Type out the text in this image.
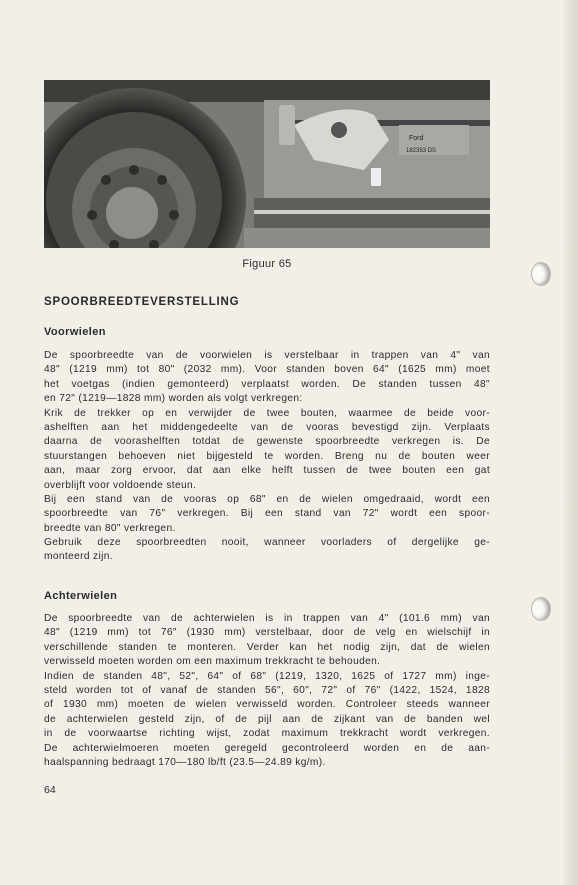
Ford
182353 DS
Figuur 65
SPOORBREEDTEVERSTELLING
Voorwielen
De spoorbreedte van de voorwielen is verstelbaar in trappen van 4" van
48" (1219 mm) tot 80" (2032 mm). Voor standen boven 64" (1625 mm) moet
het voetgas (indien gemonteerd) verplaatst worden. De standen tussen 48"
en 72" (1219—1828 mm) worden als volgt verkregen:
Krik de trekker op en verwijder de twee bouten, waarmee de beide voor-
ashelften aan het middengedeelte van de vooras bevestigd zijn. Verplaats
daarna de voorashelften totdat de gewenste spoorbreedte verkregen is. De
stuurstangen behoeven niet bijgesteld te worden. Breng nu de bouten weer
aan, maar zorg ervoor, dat aan elke helft tussen de twee bouten een gat
overblijft voor voldoende steun.
Bij een stand van de vooras op 68" en de wielen omgedraaid, wordt een
spoorbreedte van 76" verkregen. Bij een stand van 72" wordt een spoor-
breedte van 80" verkregen.
Gebruik deze spoorbreedten nooit, wanneer voorladers of dergelijke ge-
monteerd zijn.
Achterwielen
De spoorbreedte van de achterwielen is in trappen van 4" (101.6 mm) van
48" (1219 mm) tot 76" (1930 mm) verstelbaar, door de velg en wielschijf in
verschillende standen te monteren. Verder kan het nodig zijn, dat de wielen
verwisseld moeten worden om een maximum trekkracht te behouden.
Indien de standen 48", 52", 64" of 68" (1219, 1320, 1625 of 1727 mm) inge-
steld worden tot of vanaf de standen 56", 60", 72" of 76" (1422, 1524, 1828
of 1930 mm) moeten de wielen verwisseld worden. Controleer steeds wanneer
de achterwielen gesteld zijn, of de pijl aan de zijkant van de banden wel
in de voorwaartse richting wijst, zodat maximum trekkracht wordt verkregen.
De achterwielmoeren moeten geregeld gecontroleerd worden en de aan-
haalspanning bedraagt 170—180 lb/ft (23.5—24.89 kg/m).
64
